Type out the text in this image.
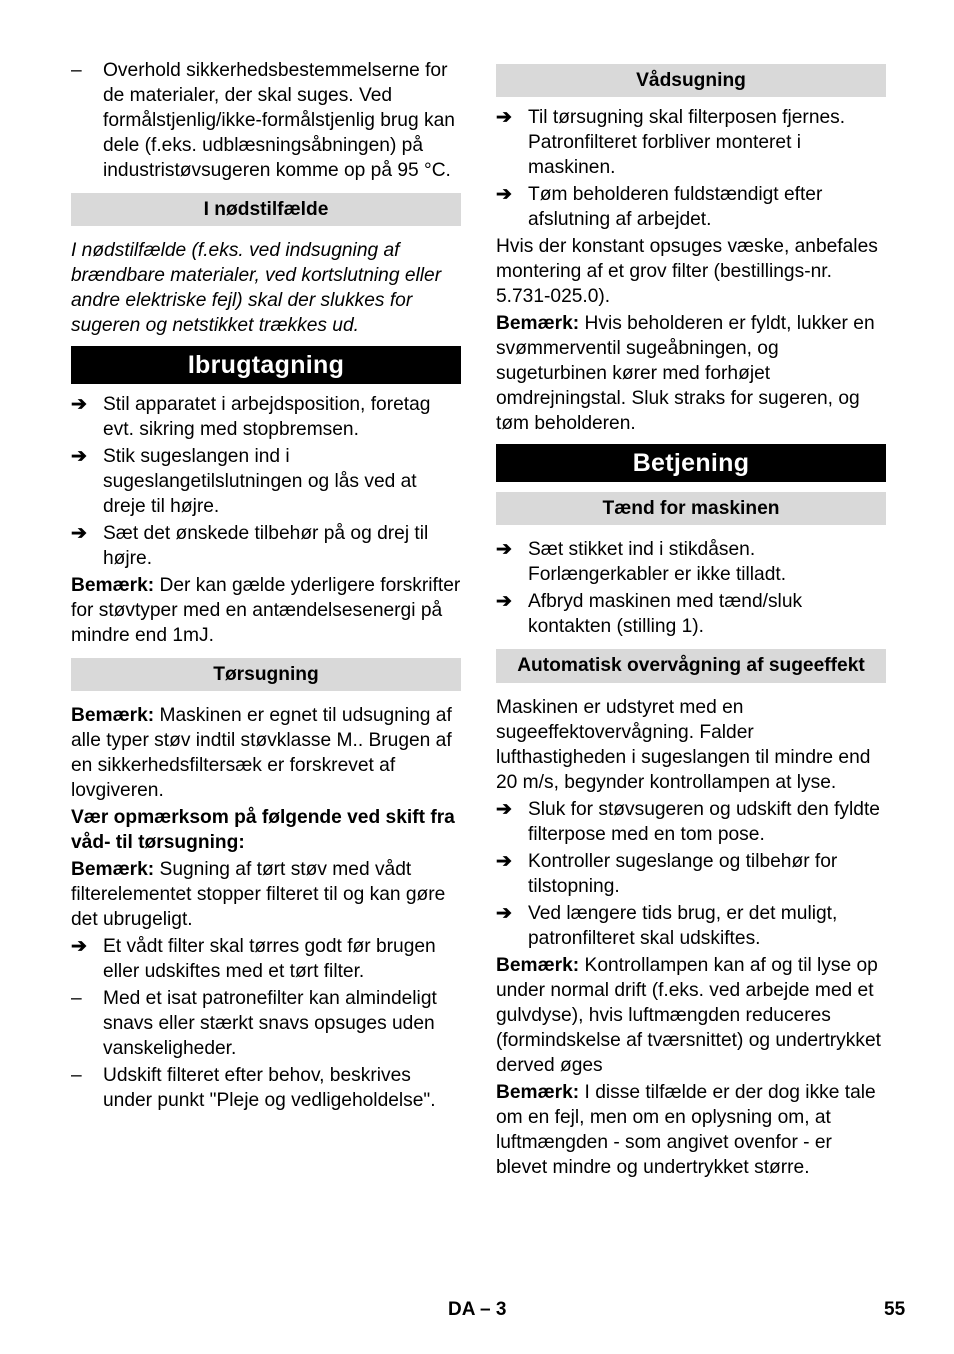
–	Overhold sikkerhedsbestemmelserne for de materialer, der skal suges. Ved formålstjenlig/ikke-formålstjenlig brug kan dele (f.eks. udblæsningsåbningen) på industristøvsugeren komme op på 95 °C.
I nødstilfælde

I nødstilfælde (f.eks. ved indsugning af brændbare materialer, ved kortslutning eller andre elektriske fejl) skal der slukkes for sugeren og netstikket trækkes ud.

Ibrugtagning
➔ Stil apparatet i arbejdsposition, foretag evt. sikring med stopbremsen.
➔ Stik sugeslangen ind i sugeslangetilslutningen og lås ved at dreje til højre.
➔ Sæt det ønskede tilbehør på og drej til højre.

Bemærk: Der kan gælde yderligere forskrifter for støvtyper med en antændelsesenergi på mindre end 1mJ.

Tørsugning

Bemærk: Maskinen er egnet til udsugning af alle typer støv indtil støvklasse M.. Brugen af en sikkerhedsfiltersæk er forskrevet af lovgiveren.

Vær opmærksom på følgende ved skift fra våd- til tørsugning:

Bemærk: Sugning af tørt støv med vådt filterelementet stopper filteret til og kan gøre det ubrugeligt.

➔ Et vådt filter skal tørres godt før brugen eller udskiftes med et tørt filter.
–	Med et isat patronefilter kan almindeligt snavs eller stærkt snavs opsuges uden vanskeligheder.
–	Udskift filteret efter behov, beskrives under punkt "Pleje og vedligeholdelse".
Vådsugning
➔ Til tørsugning skal filterposen fjernes. Patronfilteret forbliver monteret i maskinen.
➔ Tøm beholderen fuldstændigt efter afslutning af arbejdet.

Hvis der konstant opsuges væske, anbefales montering af et grov filter (bestillings-nr. 5.731-025.0).

Bemærk: Hvis beholderen er fyldt, lukker en svømmerventil sugeåbningen, og sugeturbinen kører med forhøjet omdrejningstal. Sluk straks for sugeren, og tøm beholderen.

Betjening
Tænd for maskinen
➔ Sæt stikket ind i stikdåsen. Forlængerkabler er ikke tilladt.
➔ Afbryd maskinen med tænd/sluk kontakten (stilling 1).
Automatisk overvågning af sugeeffekt

Maskinen er udstyret med en sugeeffektovervågning. Falder lufthastigheden i sugeslangen til mindre end 20 m/s, begynder kontrollampen at lyse.

➔ Sluk for støvsugeren og udskift den fyldte filterpose med en tom pose.
➔ Kontroller sugeslange og tilbehør for tilstopning.
➔ Ved længere tids brug, er det muligt, patronfilteret skal udskiftes.

Bemærk: Kontrollampen kan af og til lyse op under normal drift (f.eks. ved arbejde med et gulvdyse), hvis luftmængden reduceres (formindskelse af tværsnittet) og undertrykket derved øges

Bemærk: I disse tilfælde er der dog ikke tale om en fejl, men om en oplysning om, at luftmængden - som angivet ovenfor - er blevet mindre og undertrykket større.

DA – 3	55
